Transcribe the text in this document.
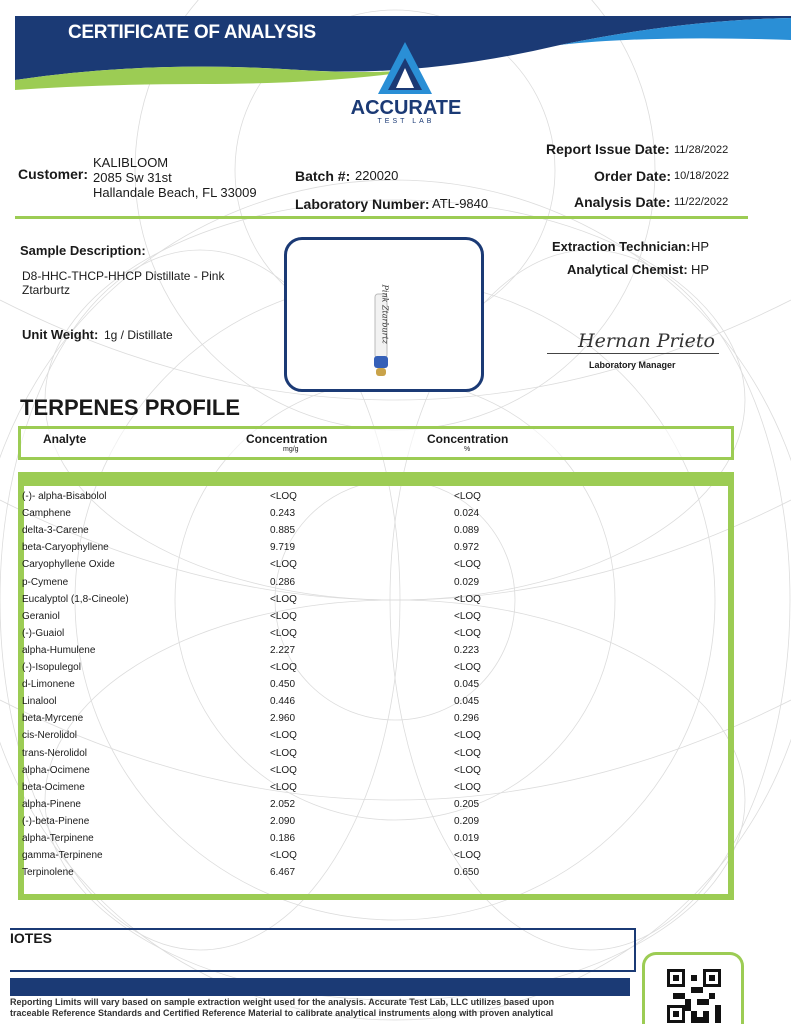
CERTIFICATE OF ANALYSIS
ACCURATE
TEST LAB
Customer:
KALIBLOOM
2085 Sw 31st
Hallandale Beach, FL 33009
Batch #: 220020
Laboratory Number: ATL-9840
Report Issue Date: 11/28/2022
Order Date: 10/18/2022
Analysis Date: 11/22/2022
Sample Description:
D8-HHC-THCP-HHCP Distillate - Pink
Ztarburtz
Unit Weight: 1g / Distillate	Pink Ztarburtz
Extraction Technician: HP
Analytical Chemist: HP
Hernan Prieto
Laboratory Manager
TERPENES PROFILE
Analyte	Concentration
mg/g
Concentration
%
(-)- alpha-Bisabolol	<LOQ	<LOQ
Camphene	0.243	0.024
delta-3-Carene	0.885	0.089
beta-Caryophyllene	9.719	0.972
Caryophyllene Oxide	<LOQ	<LOQ
p-Cymene	0.286	0.029
Eucalyptol (1,8-Cineole)	<LOQ	<LOQ
Geraniol	<LOQ	<LOQ
(-)-Guaiol	<LOQ	<LOQ
alpha-Humulene	2.227	0.223
(-)-Isopulegol	<LOQ	<LOQ
d-Limonene	0.450	0.045
Linalool	0.446	0.045
beta-Myrcene	2.960	0.296
cis-Nerolidol	<LOQ	<LOQ
trans-Nerolidol	<LOQ	<LOQ
alpha-Ocimene	<LOQ	<LOQ
beta-Ocimene	<LOQ	<LOQ
alpha-Pinene	2.052	0.205
(-)-beta-Pinene	2.090	0.209
alpha-Terpinene	0.186	0.019
gamma-Terpinene	<LOQ	<LOQ
Terpinolene	6.467	0.650
IOTES
Reporting Limits will vary based on sample extraction weight used for the analysis. Accurate Test Lab, LLC utilizes based upon
traceable Reference Standards and Certified Reference Material to calibrate analytical instruments along with proven analytical
